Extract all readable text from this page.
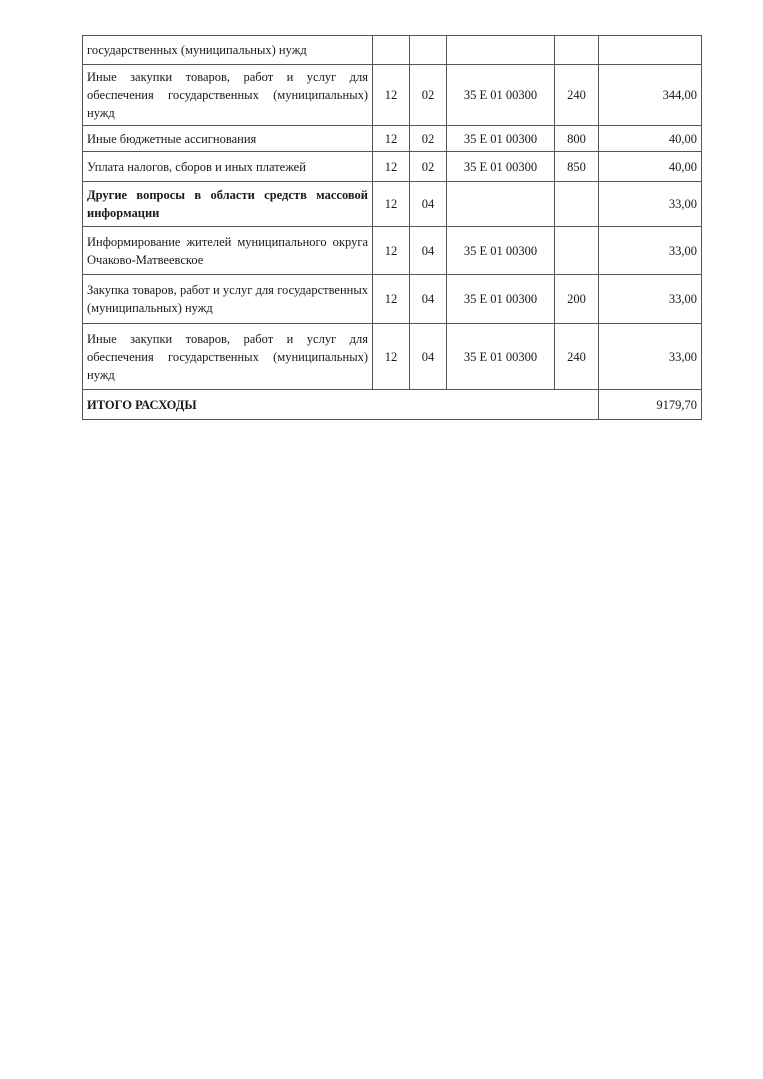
государственных (муниципальных) нужд					
Иные закупки товаров, работ и услуг для обеспечения государственных (муниципальных) нужд	12	02	35 Е 01 00300	240	344,00
Иные бюджетные ассигнования	12	02	35 Е 01 00300	800	40,00
Уплата налогов, сборов и иных платежей	12	02	35 Е 01 00300	850	40,00
Другие вопросы в области средств массовой информации	12	04			33,00
Информирование жителей муниципального округа Очаково-Матвеевское	12	04	35 Е 01 00300		33,00
Закупка товаров, работ и услуг для государственных (муниципальных) нужд	12	04	35 Е 01 00300	200	33,00
Иные закупки товаров, работ и услуг для обеспечения государственных (муниципальных) нужд	12	04	35 Е 01 00300	240	33,00
ИТОГО РАСХОДЫ					9179,70
